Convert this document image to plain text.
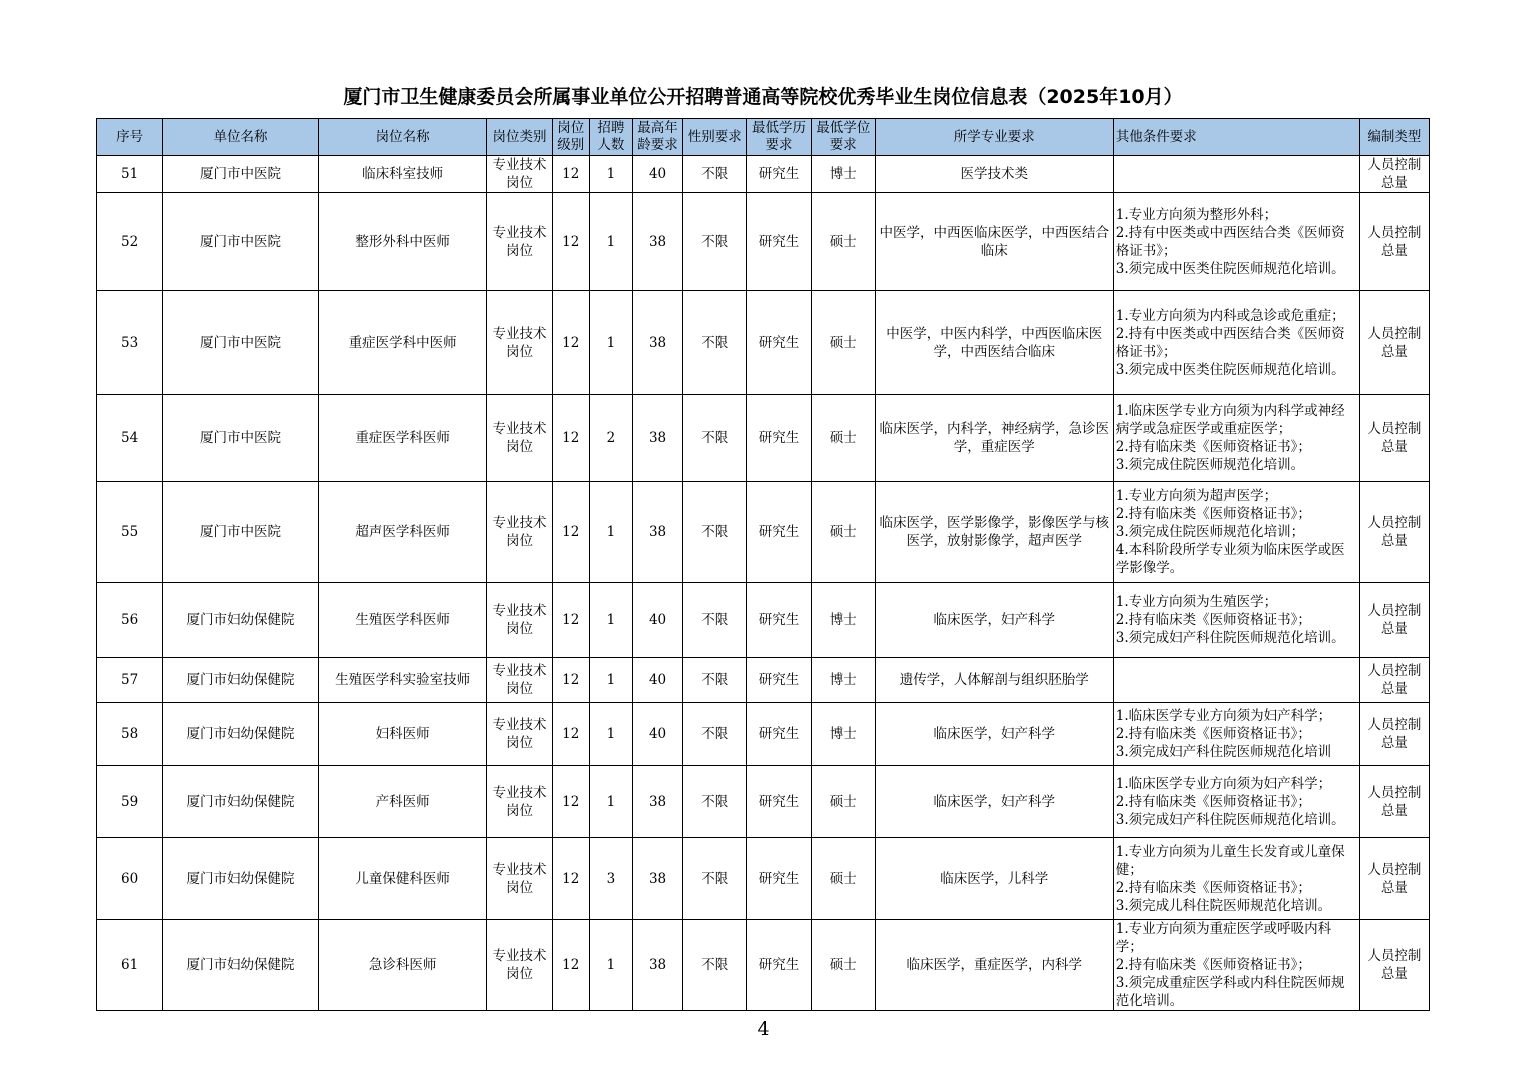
厦门市卫生健康委员会所属事业单位公开招聘普通高等院校优秀毕业生岗位信息表（2025年10月）
序号	单位名称	岗位名称	岗位类别	岗位级别	招聘人数	最高年龄要求	性别要求	最低学历要求	最低学位要求	所学专业要求	其他条件要求	编制类型
51	厦门市中医院	临床科室技师	专业技术岗位	12	1	40	不限	研究生	博士	医学技术类		人员控制总量
52	厦门市中医院	整形外科中医师	专业技术岗位	12	1	38	不限	研究生	硕士	中医学，中西医临床医学，中西医结合临床	1.专业方向须为整形外科；
2.持有中医类或中西医结合类《医师资格证书》；
3.须完成中医类住院医师规范化培训。	人员控制总量
53	厦门市中医院	重症医学科中医师	专业技术岗位	12	1	38	不限	研究生	硕士	中医学，中医内科学，中西医临床医学，中西医结合临床	1.专业方向须为内科或急诊或危重症；
2.持有中医类或中西医结合类《医师资格证书》；
3.须完成中医类住院医师规范化培训。	人员控制总量
54	厦门市中医院	重症医学科医师	专业技术岗位	12	2	38	不限	研究生	硕士	临床医学，内科学，神经病学，急诊医学，重症医学	1.临床医学专业方向须为内科学或神经病学或急症医学或重症医学；
2.持有临床类《医师资格证书》；
3.须完成住院医师规范化培训。	人员控制总量
55	厦门市中医院	超声医学科医师	专业技术岗位	12	1	38	不限	研究生	硕士	临床医学，医学影像学，影像医学与核医学，放射影像学，超声医学	1.专业方向须为超声医学；
2.持有临床类《医师资格证书》；
3.须完成住院医师规范化培训；
4.本科阶段所学专业须为临床医学或医学影像学。	人员控制总量
56	厦门市妇幼保健院	生殖医学科医师	专业技术岗位	12	1	40	不限	研究生	博士	临床医学，妇产科学	1.专业方向须为生殖医学；
2.持有临床类《医师资格证书》；
3.须完成妇产科住院医师规范化培训。	人员控制总量
57	厦门市妇幼保健院	生殖医学科实验室技师	专业技术岗位	12	1	40	不限	研究生	博士	遗传学，人体解剖与组织胚胎学		人员控制总量
58	厦门市妇幼保健院	妇科医师	专业技术岗位	12	1	40	不限	研究生	博士	临床医学，妇产科学	1.临床医学专业方向须为妇产科学；
2.持有临床类《医师资格证书》；
3.须完成妇产科住院医师规范化培训	人员控制总量
59	厦门市妇幼保健院	产科医师	专业技术岗位	12	1	38	不限	研究生	硕士	临床医学，妇产科学	1.临床医学专业方向须为妇产科学；
2.持有临床类《医师资格证书》；
3.须完成妇产科住院医师规范化培训。	人员控制总量
60	厦门市妇幼保健院	儿童保健科医师	专业技术岗位	12	3	38	不限	研究生	硕士	临床医学，儿科学	1.专业方向须为儿童生长发育或儿童保健；
2.持有临床类《医师资格证书》；
3.须完成儿科住院医师规范化培训。	人员控制总量
61	厦门市妇幼保健院	急诊科医师	专业技术岗位	12	1	38	不限	研究生	硕士	临床医学，重症医学，内科学	1.专业方向须为重症医学或呼吸内科学；
2.持有临床类《医师资格证书》；
3.须完成重症医学科或内科住院医师规范化培训。	人员控制总量
4
